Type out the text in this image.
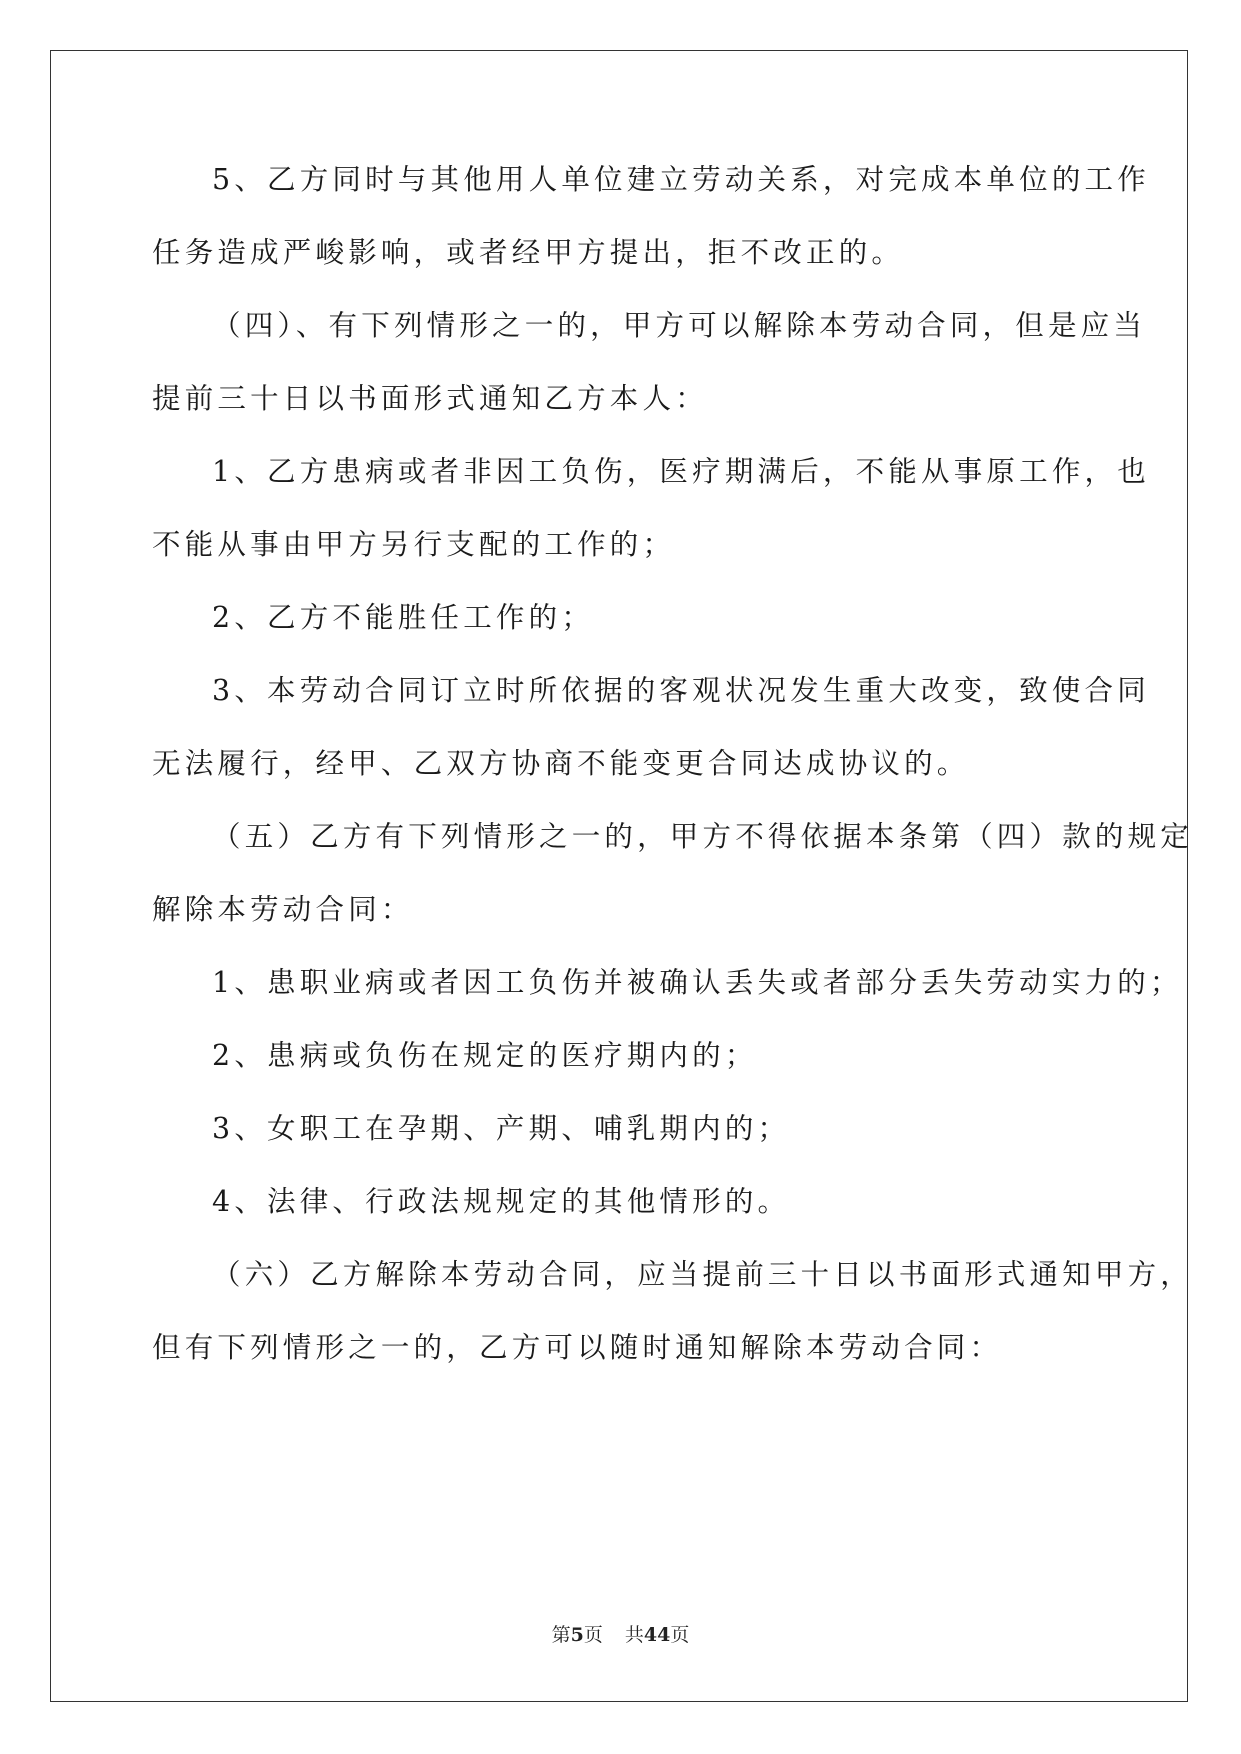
5、乙方同时与其他用人单位建立劳动关系，对完成本单位的工作
任务造成严峻影响，或者经甲方提出，拒不改正的。
（四）、有下列情形之一的，甲方可以解除本劳动合同，但是应当
提前三十日以书面形式通知乙方本人：
1、乙方患病或者非因工负伤，医疗期满后，不能从事原工作，也
不能从事由甲方另行支配的工作的；
2、乙方不能胜任工作的；
3、本劳动合同订立时所依据的客观状况发生重大改变，致使合同
无法履行，经甲、乙双方协商不能变更合同达成协议的。
（五）乙方有下列情形之一的，甲方不得依据本条第（四）款的规定
解除本劳动合同：
1、患职业病或者因工负伤并被确认丢失或者部分丢失劳动实力的；
2、患病或负伤在规定的医疗期内的；
3、女职工在孕期、产期、哺乳期内的；
4、法律、行政法规规定的其他情形的。
（六）乙方解除本劳动合同，应当提前三十日以书面形式通知甲方，
但有下列情形之一的，乙方可以随时通知解除本劳动合同：
第5页 共44页
